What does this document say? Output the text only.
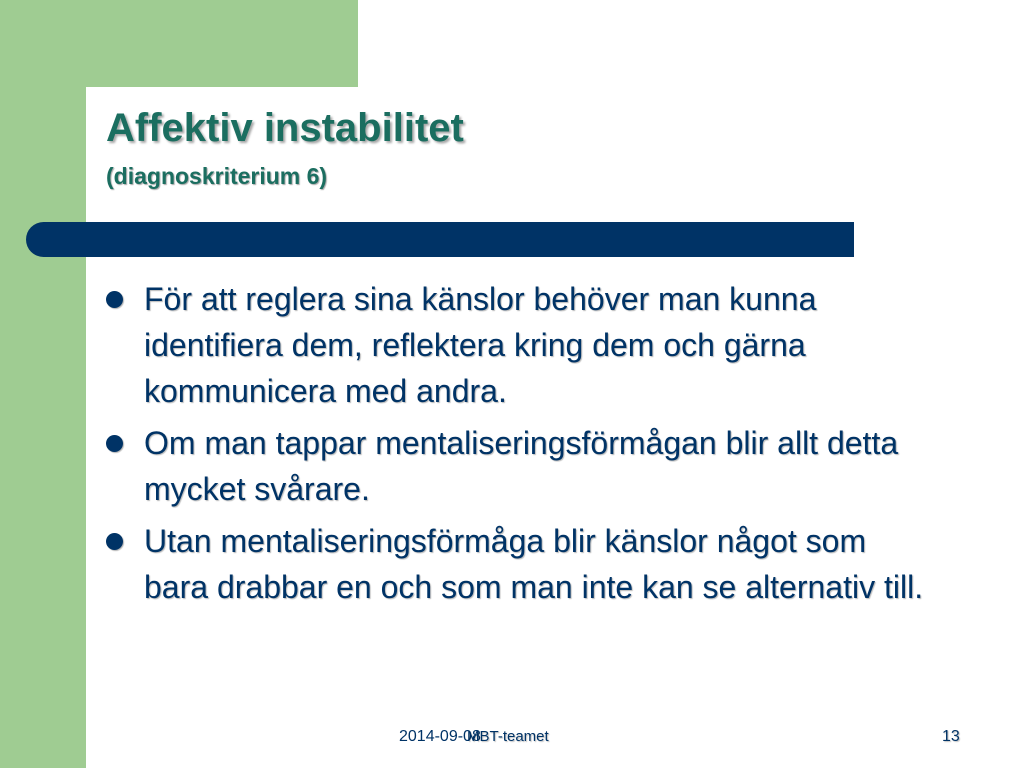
Affektiv instabilitet
(diagnoskriterium 6)
För att reglera sina känslor behöver man kunna identifiera dem, reflektera kring dem och gärna kommunicera med andra.
Om man tappar mentaliseringsförmågan blir allt detta mycket svårare.
Utan mentaliseringsförmåga blir känslor något som bara drabbar en och som man inte kan se alternativ till.
2014-09-08
MBT-teamet	13
